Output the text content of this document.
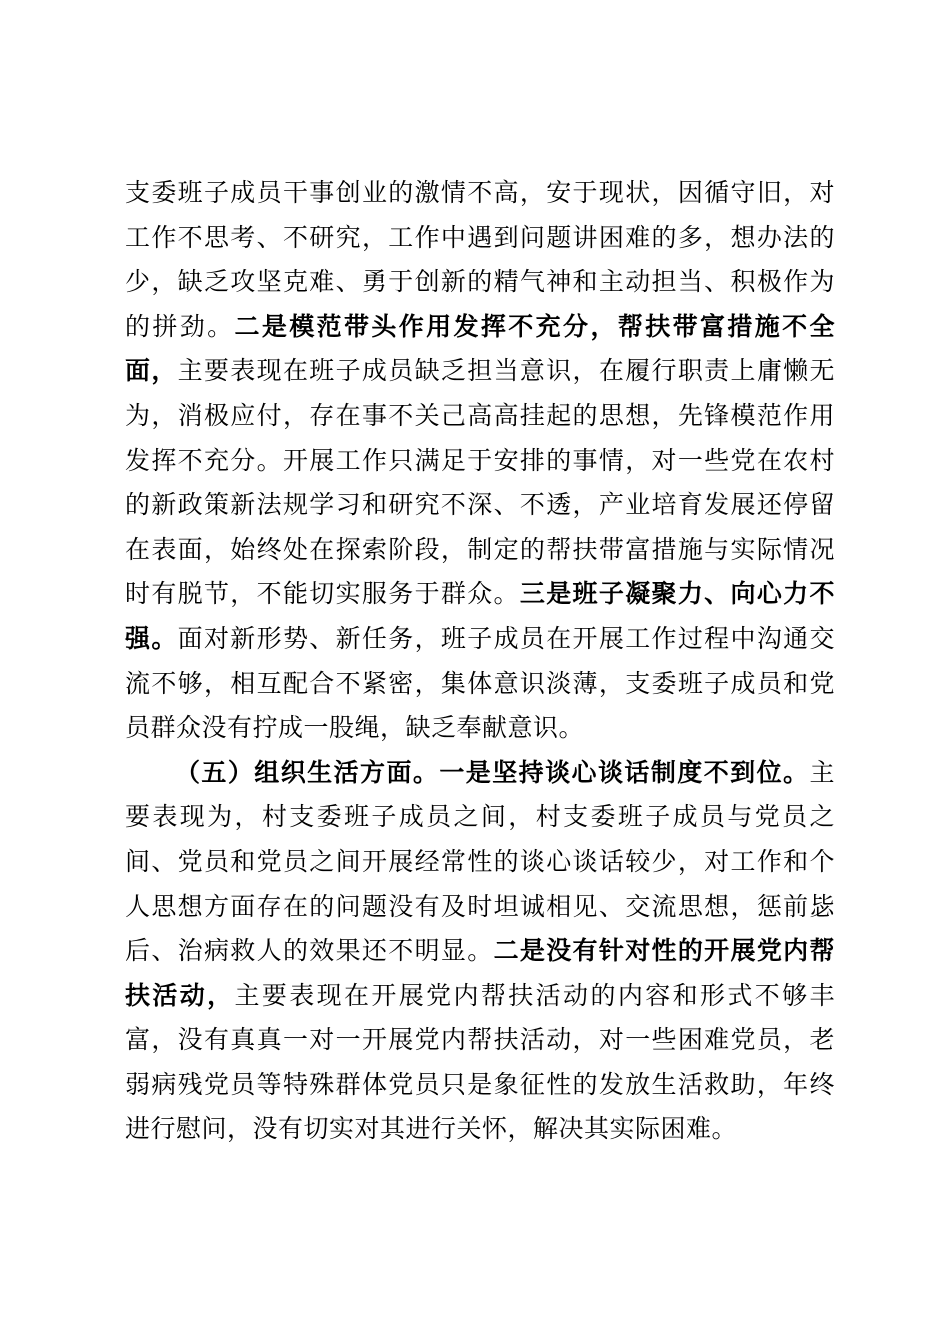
支委班子成员干事创业的激情不高，安于现状，因循守旧，对工作不思考、不研究，工作中遇到问题讲困难的多，想办法的少，缺乏攻坚克难、勇于创新的精气神和主动担当、积极作为的拼劲。二是模范带头作用发挥不充分，帮扶带富措施不全面，主要表现在班子成员缺乏担当意识，在履行职责上庸懒无为，消极应付，存在事不关己高高挂起的思想，先锋模范作用发挥不充分。开展工作只满足于安排的事情，对一些党在农村的新政策新法规学习和研究不深、不透，产业培育发展还停留在表面，始终处在探索阶段，制定的帮扶带富措施与实际情况时有脱节，不能切实服务于群众。三是班子凝聚力、向心力不强。面对新形势、新任务，班子成员在开展工作过程中沟通交流不够，相互配合不紧密，集体意识淡薄，支委班子成员和党员群众没有拧成一股绳，缺乏奉献意识。

（五）组织生活方面。一是坚持谈心谈话制度不到位。主要表现为，村支委班子成员之间，村支委班子成员与党员之间、党员和党员之间开展经常性的谈心谈话较少，对工作和个人思想方面存在的问题没有及时坦诚相见、交流思想，惩前毖后、治病救人的效果还不明显。二是没有针对性的开展党内帮扶活动，主要表现在开展党内帮扶活动的内容和形式不够丰富，没有真真一对一开展党内帮扶活动，对一些困难党员，老弱病残党员等特殊群体党员只是象征性的发放生活救助，年终进行慰问，没有切实对其进行关怀，解决其实际困难。
